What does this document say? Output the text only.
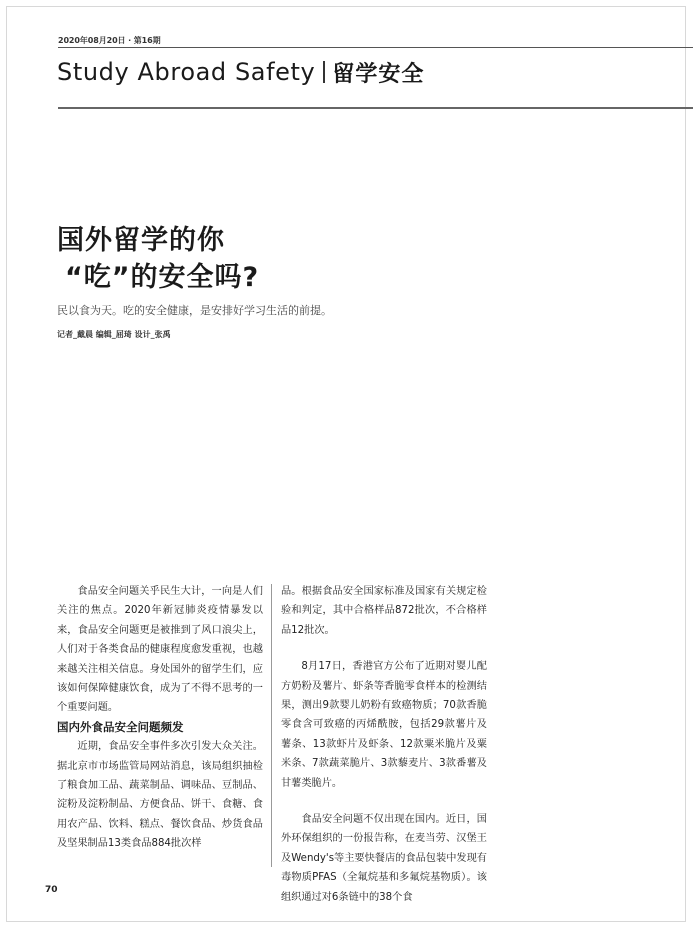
2020年08月20日 · 第16期
Study Abroad Safety 留学安全
国外留学的你
“吃”的安全吗?
民以食为天。吃的安全健康，是安排好学习生活的前提。
记者_戴晨 编辑_屈琦 设计_张禹

食品安全问题关乎民生大计，一向是人们关注的焦点。2020年新冠肺炎疫情暴发以来，食品安全问题更是被推到了风口浪尖上，人们对于各类食品的健康程度愈发重视，也越来越关注相关信息。身处国外的留学生们，应该如何保障健康饮食，成为了不得不思考的一个重要问题。

国内外食品安全问题频发

近期，食品安全事件多次引发大众关注。据北京市市场监管局网站消息，该局组织抽检了粮食加工品、蔬菜制品、调味品、豆制品、淀粉及淀粉制品、方便食品、饼干、食糖、食用农产品、饮料、糕点、餐饮食品、炒货食品及坚果制品13类食品884批次样

品。根据食品安全国家标准及国家有关规定检验和判定，其中合格样品872批次，不合格样品12批次。

8月17日，香港官方公布了近期对婴儿配方奶粉及薯片、虾条等香脆零食样本的检测结果，测出9款婴儿奶粉有致癌物质；70款香脆零食含可致癌的丙烯酰胺，包括29款薯片及薯条、13款虾片及虾条、12款粟米脆片及粟米条、7款蔬菜脆片、3款藜麦片、3款番薯及甘薯类脆片。

食品安全问题不仅出现在国内。近日，国外环保组织的一份报告称，在麦当劳、汉堡王及Wendy's等主要快餐店的食品包装中发现有毒物质PFAS（全氟烷基和多氟烷基物质）。该组织通过对6条链中的38个食

70
